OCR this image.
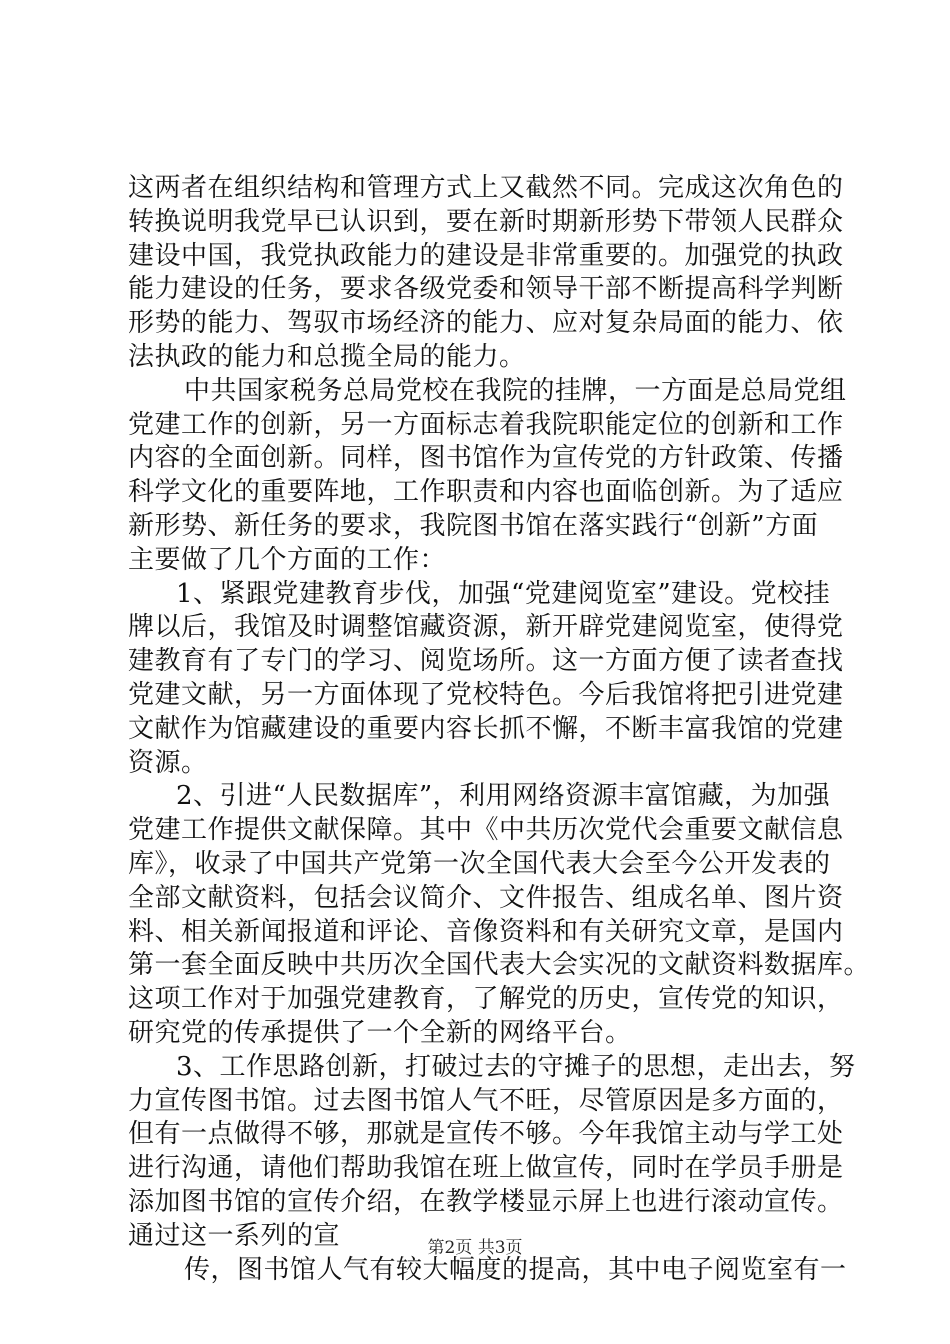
这两者在组织结构和管理方式上又截然不同。完成这次角色的
转换说明我党早已认识到，要在新时期新形势下带领人民群众
建设中国，我党执政能力的建设是非常重要的。加强党的执政
能力建设的任务，要求各级党委和领导干部不断提高科学判断
形势的能力、驾驭市场经济的能力、应对复杂局面的能力、依
法执政的能力和总揽全局的能力。
中共国家税务总局党校在我院的挂牌，一方面是总局党组
党建工作的创新，另一方面标志着我院职能定位的创新和工作
内容的全面创新。同样，图书馆作为宣传党的方针政策、传播
科学文化的重要阵地，工作职责和内容也面临创新。为了适应
新形势、新任务的要求，我院图书馆在落实践行“创新”方面
主要做了几个方面的工作：
1、紧跟党建教育步伐，加强“党建阅览室”建设。党校挂
牌以后，我馆及时调整馆藏资源，新开辟党建阅览室，使得党
建教育有了专门的学习、阅览场所。这一方面方便了读者查找
党建文献，另一方面体现了党校特色。今后我馆将把引进党建
文献作为馆藏建设的重要内容长抓不懈，不断丰富我馆的党建
资源。
2、引进“人民数据库”，利用网络资源丰富馆藏，为加强
党建工作提供文献保障。其中《中共历次党代会重要文献信息
库》，收录了中国共产党第一次全国代表大会至今公开发表的
全部文献资料，包括会议简介、文件报告、组成名单、图片资
料、相关新闻报道和评论、音像资料和有关研究文章，是国内
第一套全面反映中共历次全国代表大会实况的文献资料数据库。
这项工作对于加强党建教育，了解党的历史，宣传党的知识，
研究党的传承提供了一个全新的网络平台。
3、工作思路创新，打破过去的守摊子的思想，走出去，努
力宣传图书馆。过去图书馆人气不旺，尽管原因是多方面的，
但有一点做得不够，那就是宣传不够。今年我馆主动与学工处
进行沟通，请他们帮助我馆在班上做宣传，同时在学员手册是
添加图书馆的宣传介绍，在教学楼显示屏上也进行滚动宣传。
通过这一系列的宣
传，图书馆人气有较大幅度的提高，其中电子阅览室有一
第2页 共3页
